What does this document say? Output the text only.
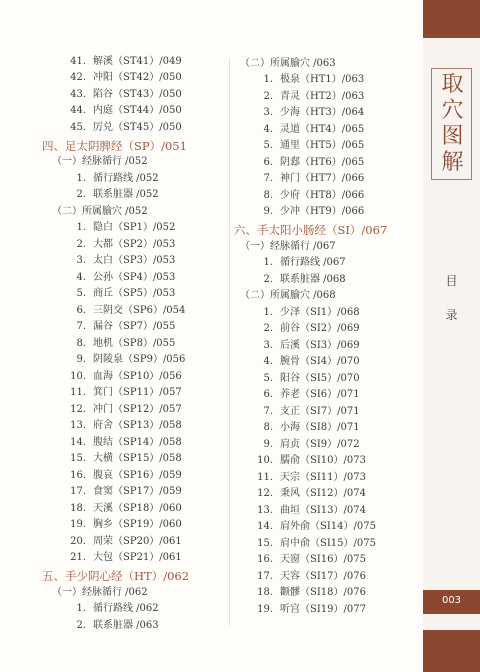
41. 解溪（ST41）/049
42. 冲阳（ST42）/050
43. 陷谷（ST43）/050
44. 内庭（ST44）/050
45. 厉兑（ST45）/050
四、足太阴脾经（SP）/051
（一）经脉循行 /052
1. 循行路线 /052
2. 联系脏器 /052
（二）所属腧穴 /052
1. 隐白（SP1）/052
2. 大都（SP2）/053
3. 太白（SP3）/053
4. 公孙（SP4）/053
5. 商丘（SP5）/053
6. 三阴交（SP6）/054
7. 漏谷（SP7）/055
8. 地机（SP8）/055
9. 阴陵泉（SP9）/056
10. 血海（SP10）/056
11. 箕门（SP11）/057
12. 冲门（SP12）/057
13. 府舍（SP13）/058
14. 腹结（SP14）/058
15. 大横（SP15）/058
16. 腹哀（SP16）/059
17. 食窦（SP17）/059
18. 天溪（SP18）/060
19. 胸乡（SP19）/060
20. 周荣（SP20）/061
21. 大包（SP21）/061
五、手少阴心经（HT）/062
（一）经脉循行 /062
1. 循行路线 /062
2. 联系脏器 /063
（二）所属腧穴 /063
1. 极泉（HT1）/063
2. 青灵（HT2）/063
3. 少海（HT3）/064
4. 灵道（HT4）/065
5. 通里（HT5）/065
6. 阴郄（HT6）/065
7. 神门（HT7）/066
8. 少府（HT8）/066
9. 少冲（HT9）/066
六、手太阳小肠经（SI）/067
（一）经脉循行 /067
1. 循行路线 /067
2. 联系脏器 /068
（二）所属腧穴 /068
1. 少泽（SI1）/068
2. 前谷（SI2）/069
3. 后溪（SI3）/069
4. 腕骨（SI4）/070
5. 阳谷（SI5）/070
6. 养老（SI6）/071
7. 支正（SI7）/071
8. 小海（SI8）/071
9. 肩贞（SI9）/072
10. 臑俞（SI10）/073
11. 天宗（SI11）/073
12. 秉风（SI12）/074
13. 曲垣（SI13）/074
14. 肩外俞（SI14）/075
15. 肩中俞（SI15）/075
16. 天窗（SI16）/075
17. 天容（SI17）/076
18. 颧髎（SI18）/076
19. 听宫（SI19）/077
取
穴
图
解
目
录
003
